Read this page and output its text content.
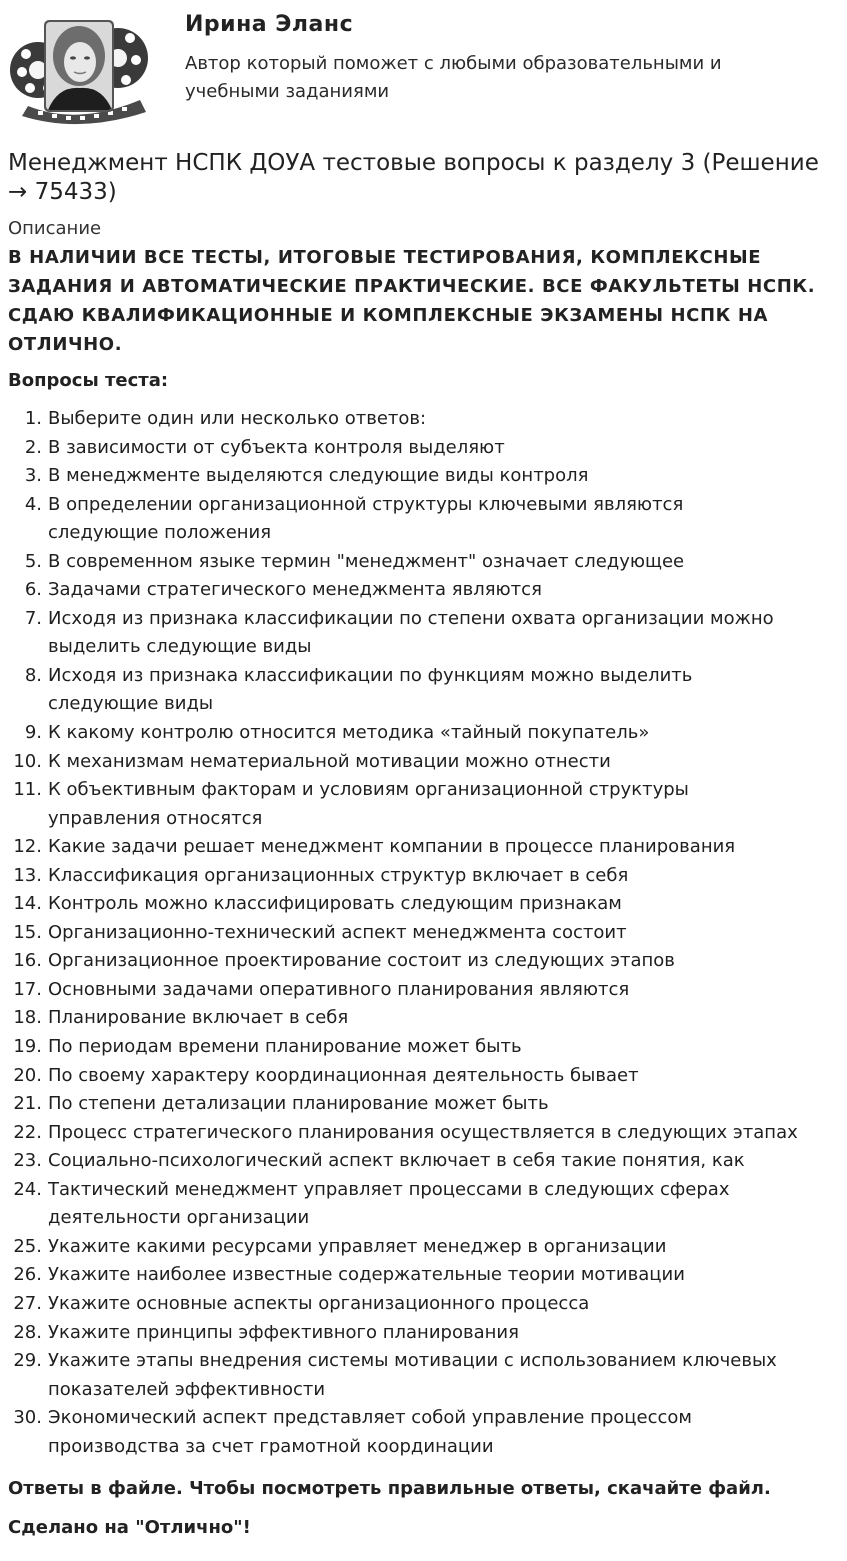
Ирина Эланс
Автор который поможет с любыми образовательными и учебными заданиями
Менеджмент НСПК ДОУА тестовые вопросы к разделу 3 (Решение → 75433)
Описание
В НАЛИЧИИ ВСЕ ТЕСТЫ, ИТОГОВЫЕ ТЕСТИРОВАНИЯ, КОМПЛЕКСНЫЕ ЗАДАНИЯ И АВТОМАТИЧЕСКИЕ ПРАКТИЧЕСКИЕ. ВСЕ ФАКУЛЬТЕТЫ НСПК. СДАЮ КВАЛИФИКАЦИОННЫЕ И КОМПЛЕКСНЫЕ ЭКЗАМЕНЫ НСПК НА ОТЛИЧНО.
Вопросы теста:
1. Выберите один или несколько ответов:
2. В зависимости от субъекта контроля выделяют
3. В менеджменте выделяются следующие виды контроля
4. В определении организационной структуры ключевыми являются следующие положения
5. В современном языке термин "менеджмент" означает следующее
6. Задачами стратегического менеджмента являются
7. Исходя из признака классификации по степени охвата организации можно выделить следующие виды
8. Исходя из признака классификации по функциям можно выделить следующие виды
9. К какому контролю относится методика «тайный покупатель»
10. К механизмам нематериальной мотивации можно отнести
11. К объективным факторам и условиям организационной структуры управления относятся
12. Какие задачи решает менеджмент компании в процессе планирования
13. Классификация организационных структур включает в себя
14. Контроль можно классифицировать следующим признакам
15. Организационно-технический аспект менеджмента состоит
16. Организационное проектирование состоит из следующих этапов
17. Основными задачами оперативного планирования являются
18. Планирование включает в себя
19. По периодам времени планирование может быть
20. По своему характеру координационная деятельность бывает
21. По степени детализации планирование может быть
22. Процесс стратегического планирования осуществляется в следующих этапах
23. Социально-психологический аспект включает в себя такие понятия, как
24. Тактический менеджмент управляет процессами в следующих сферах деятельности организации
25. Укажите какими ресурсами управляет менеджер в организации
26. Укажите наиболее известные содержательные теории мотивации
27. Укажите основные аспекты организационного процесса
28. Укажите принципы эффективного планирования
29. Укажите этапы внедрения системы мотивации с использованием ключевых показателей эффективности
30. Экономический аспект представляет собой управление процессом производства за счет грамотной координации
Ответы в файле. Чтобы посмотреть правильные ответы, скачайте файл.
Сделано на "Отлично"!
